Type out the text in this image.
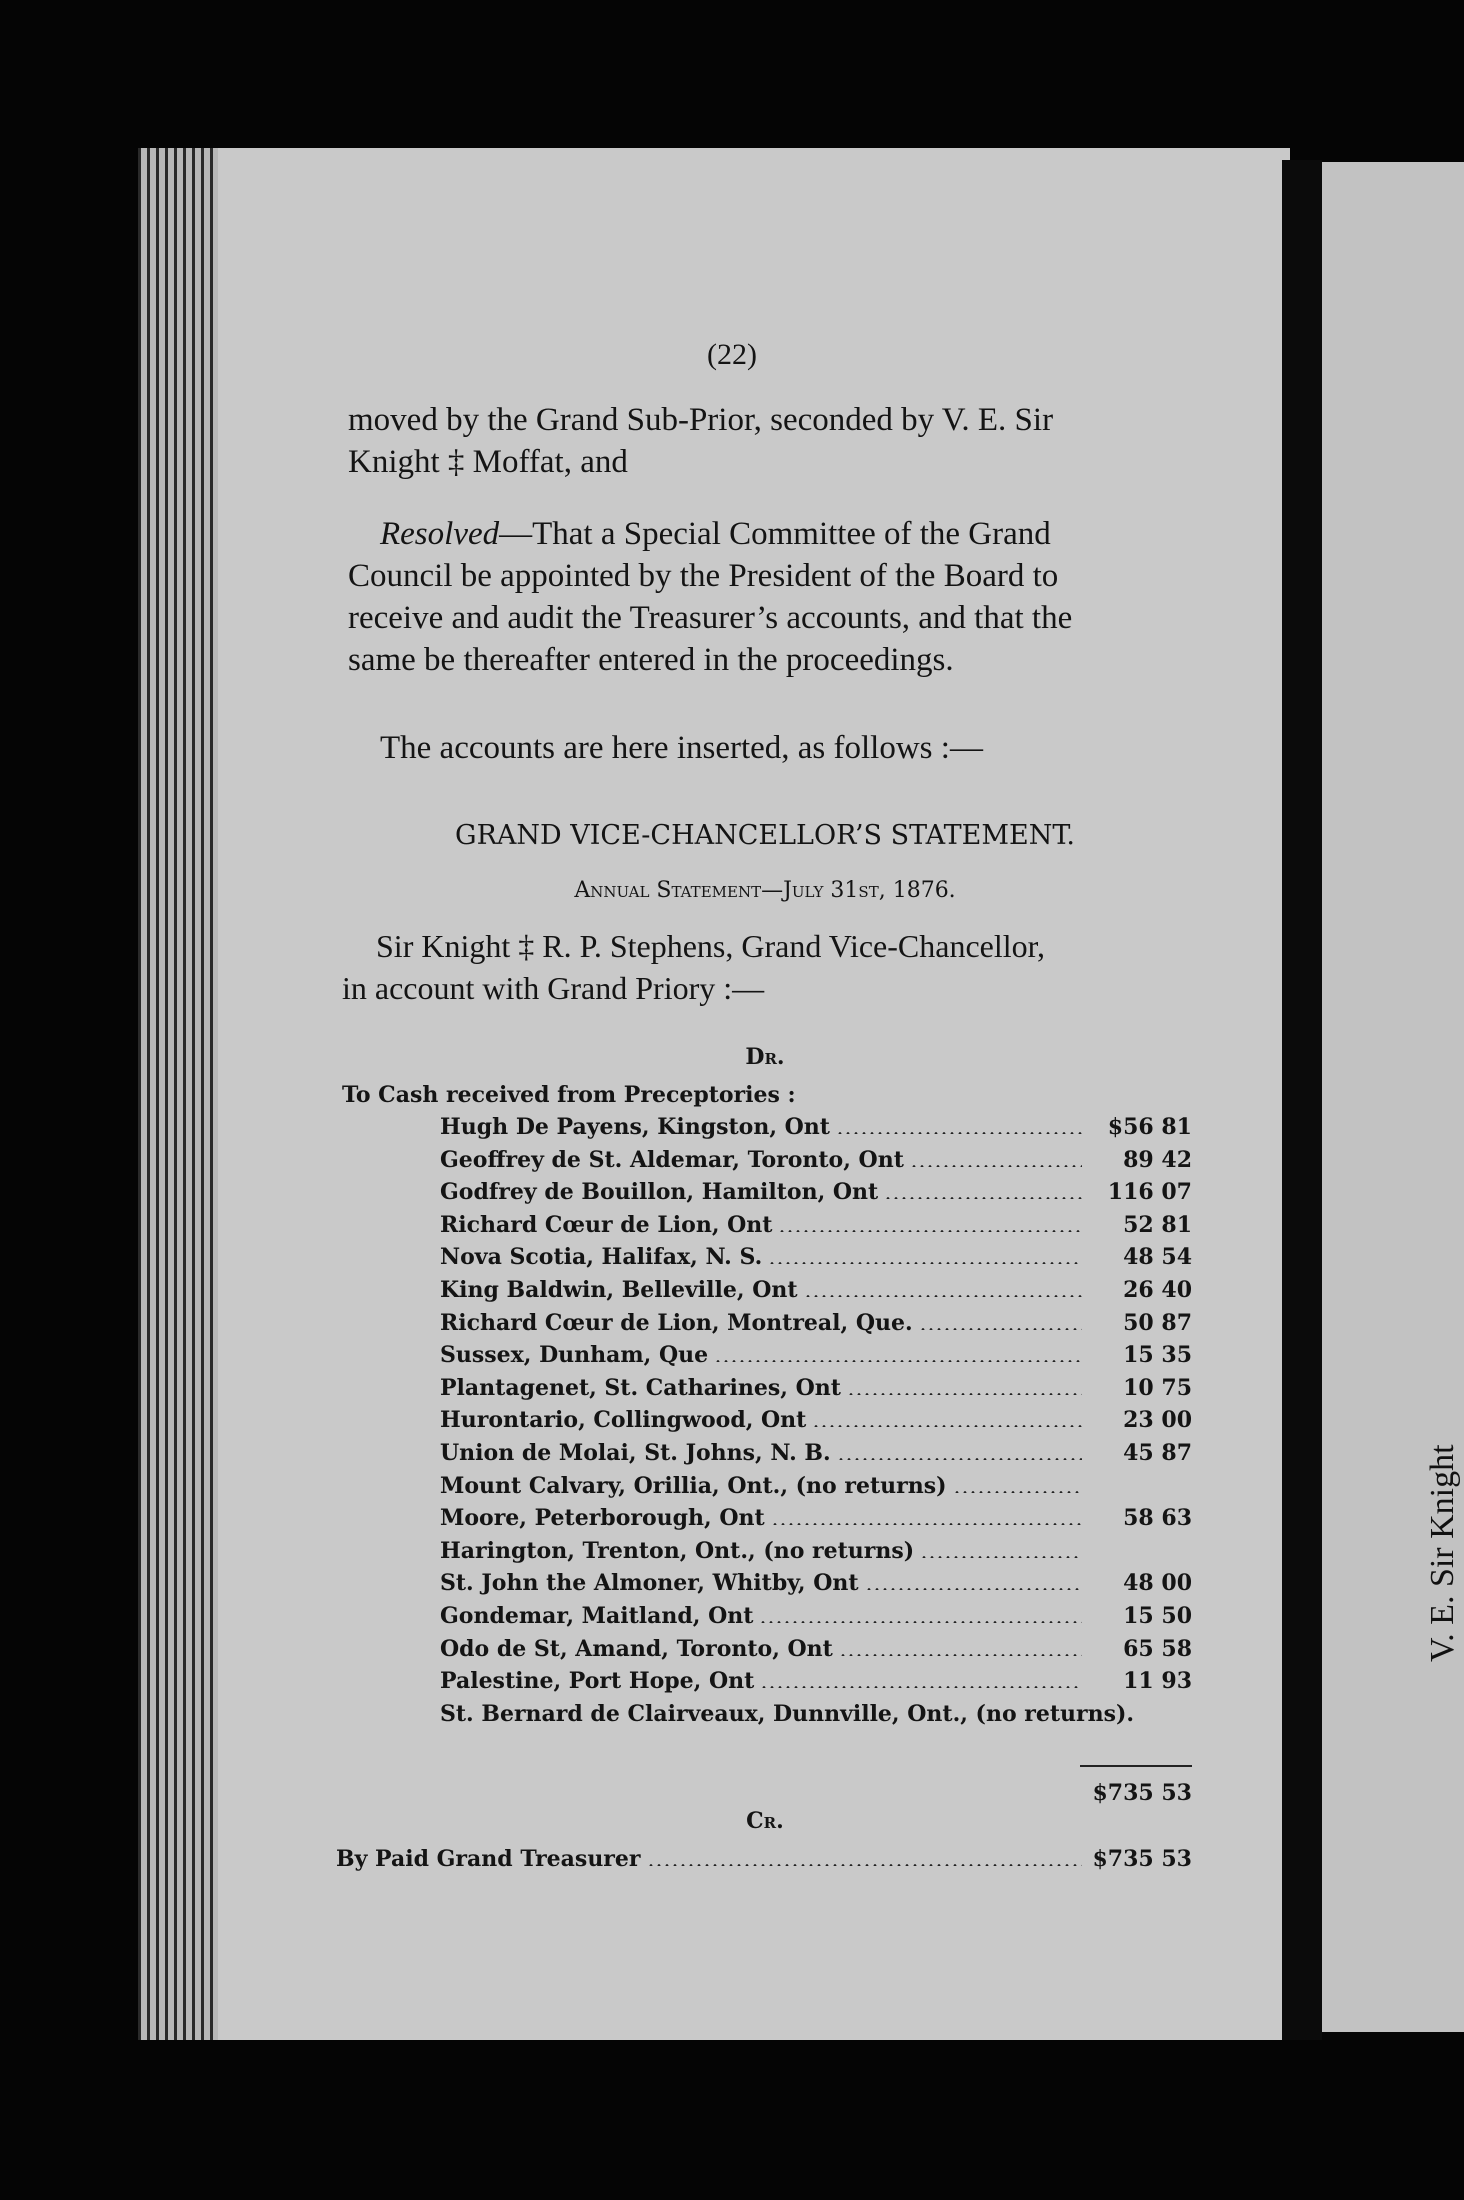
V. E. Sir Knight
(22)
moved by the Grand Sub-Prior, seconded by V. E. Sir
Knight ‡ Moffat, and
Resolved—That a Special Committee of the Grand
Council be appointed by the President of the Board to
receive and audit the Treasurer’s accounts, and that the
same be thereafter entered in the proceedings.
The accounts are here inserted, as follows :—
GRAND VICE-CHANCELLOR’S STATEMENT.
Annual Statement—July 31st, 1876.
Sir Knight ‡ R. P. Stephens, Grand Vice-Chancellor,
in account with Grand Priory :—
Dr.
To Cash received from Preceptories :
Hugh De Payens, Kingston, Ont	$56 81
Geoffrey de St. Aldemar, Toronto, Ont	89 42
Godfrey de Bouillon, Hamilton, Ont	116 07
Richard Cœur de Lion, Ont	52 81
Nova Scotia, Halifax, N. S.	48 54
King Baldwin, Belleville, Ont	26 40
Richard Cœur de Lion, Montreal, Que.	50 87
Sussex, Dunham, Que	15 35
Plantagenet, St. Catharines, Ont	10 75
Hurontario, Collingwood, Ont	23 00
Union de Molai, St. Johns, N. B.	45 87
Mount Calvary, Orillia, Ont., (no returns)
Moore, Peterborough, Ont	58 63
Harington, Trenton, Ont., (no returns)
St. John the Almoner, Whitby, Ont	48 00
Gondemar, Maitland, Ont	15 50
Odo de St, Amand, Toronto, Ont	65 58
Palestine, Port Hope, Ont	11 93
St. Bernard de Clairveaux, Dunnville, Ont., (no returns).
$735 53
Cr.
By Paid Grand Treasurer	$735 53
